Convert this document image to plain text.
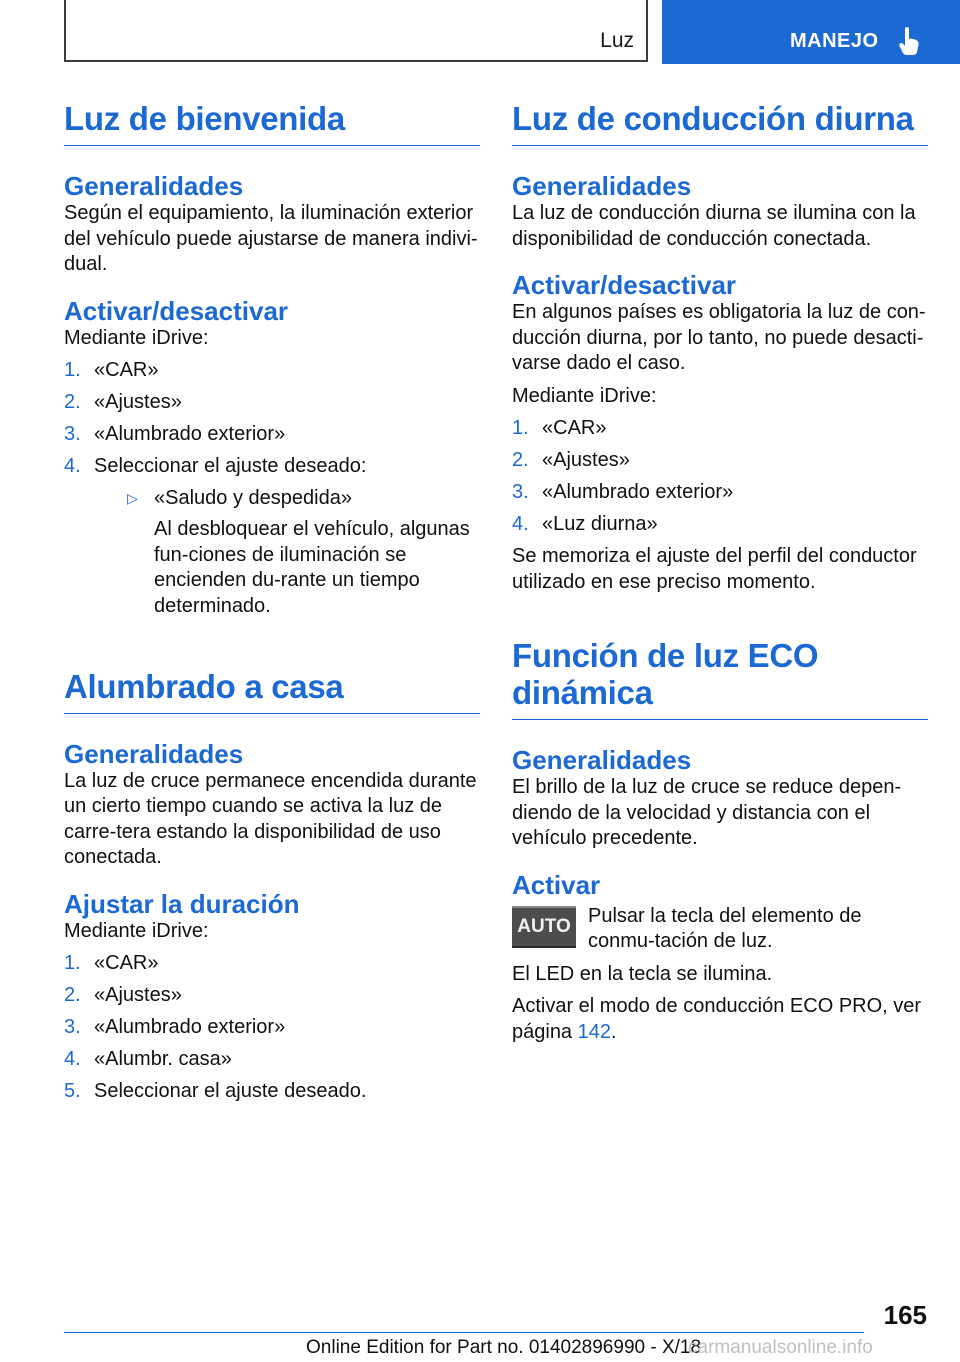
Luz	MANEJO
Luz de bienvenida
Generalidades

Según el equipamiento, la iluminación exterior del vehículo puede ajustarse de manera indivi-dual.

Activar/desactivar

Mediante iDrive:

1. «CAR»
2. «Ajustes»
3. «Alumbrado exterior»
4. Seleccionar el ajuste deseado:
▷ «Saludo y despedida»
Al desbloquear el vehículo, algunas fun-ciones de iluminación se encienden du-rante un tiempo determinado.
Alumbrado a casa
Generalidades

La luz de cruce permanece encendida durante un cierto tiempo cuando se activa la luz de carre-tera estando la disponibilidad de uso conectada.

Ajustar la duración

Mediante iDrive:

1. «CAR»
2. «Ajustes»
3. «Alumbrado exterior»
4. «Alumbr. casa»
5. Seleccionar el ajuste deseado.
Luz de conducción diurna
Generalidades

La luz de conducción diurna se ilumina con la disponibilidad de conducción conectada.

Activar/desactivar

En algunos países es obligatoria la luz de con-ducción diurna, por lo tanto, no puede desacti-varse dado el caso.

Mediante iDrive:

1. «CAR»
2. «Ajustes»
3. «Alumbrado exterior»
4. «Luz diurna»

Se memoriza el ajuste del perfil del conductor utilizado en ese preciso momento.

Función de luz ECO dinámica
Generalidades

El brillo de la luz de cruce se reduce depen-diendo de la velocidad y distancia con el vehículo precedente.

Activar
AUTO Pulsar la tecla del elemento de conmu-tación de luz.

El LED en la tecla se ilumina.

Activar el modo de conducción ECO PRO, ver página 142.

165
Online Edition for Part no. 01402896990 - X/18
carmanualsonline.info
